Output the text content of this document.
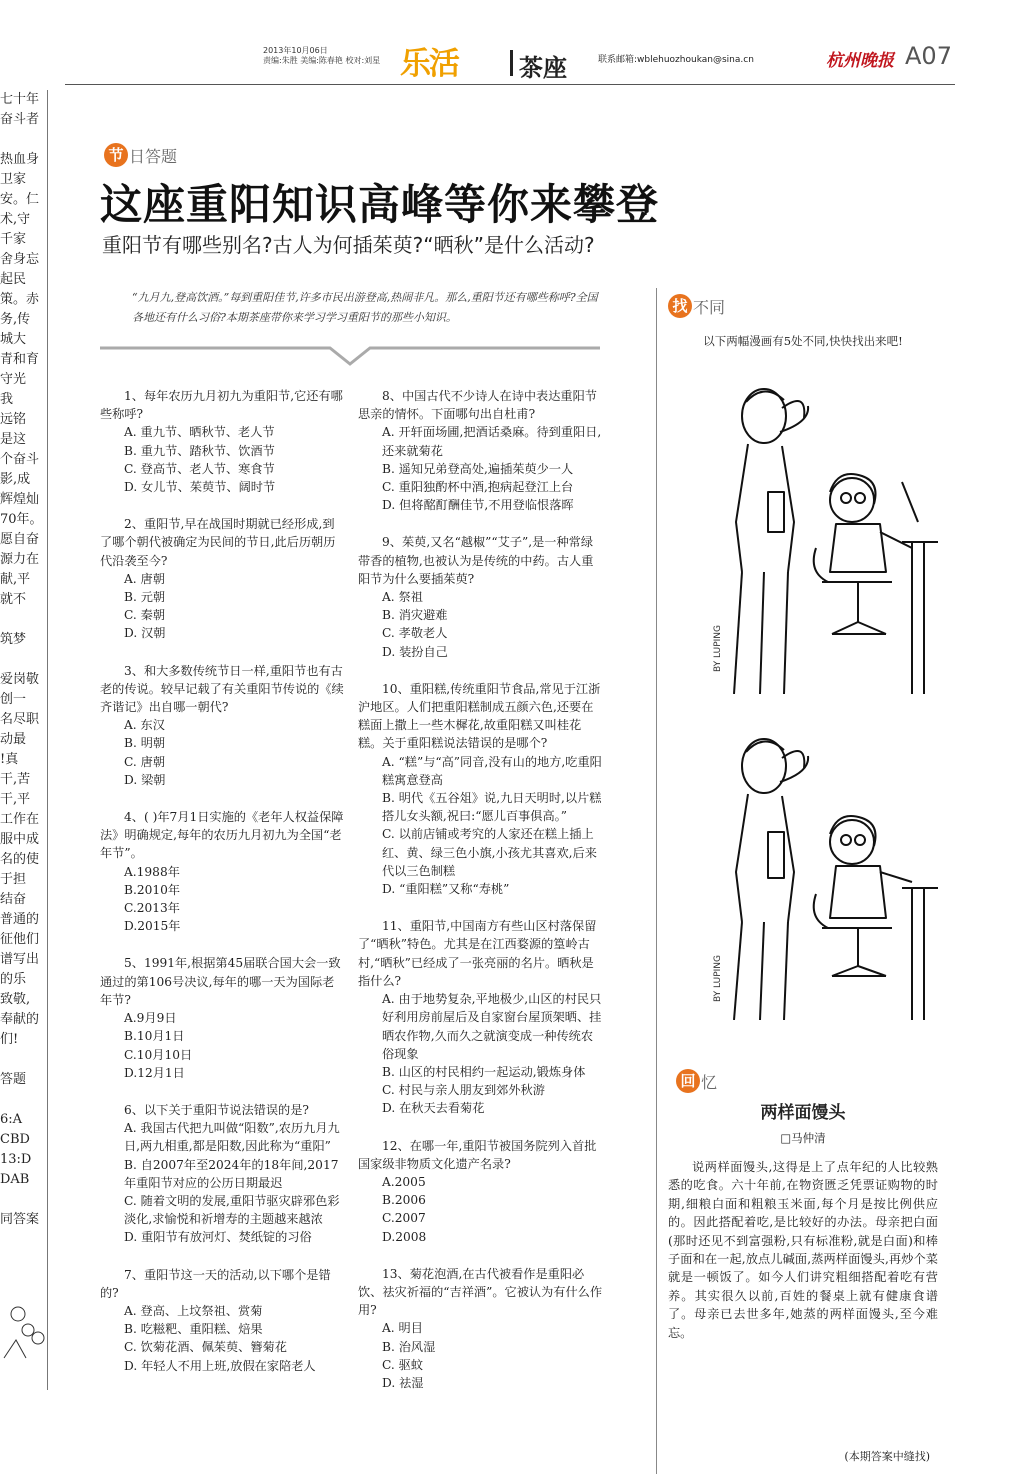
2013年10月06日
责编:朱胜 美编:陈春艳 校对:刘星 乐活	茶座	联系邮箱:wblehuozhoukan@sina.cn	杭州晚报 A07
七十年
奋斗者
热血身
卫家
安。仁
术,守
千家
舍身忘
起民
策。赤
务,传
城大
青和育
守光
我
远铭
是这
个奋斗
影,成
辉煌灿
70年。
愿自奋
源力在
献,平
就不
筑梦
爱岗敬
创一
名尽职
动最
!真
干,苦
干,平
工作在
服中成
名的使
于担
结奋
普通的
征他们
谱写出
的乐
致敬,
奉献的
们!
答题
6:A
CBD
13:D
DAB
同答案
节 日答题
这座重阳知识高峰等你来攀登
重阳节有哪些别名?古人为何插茱萸?“晒秋”是什么活动?

“九月九,登高饮酒。”每到重阳佳节,许多市民出游登高,热闹非凡。那么,重阳节还有哪些称呼?全国各地还有什么习俗?本期茶座带你来学习学习重阳节的那些小知识。

1、每年农历九月初九为重阳节,它还有哪些称呼?
A. 重九节、晒秋节、老人节
B. 重九节、踏秋节、饮酒节
C. 登高节、老人节、寒食节
D. 女儿节、茱萸节、阔时节
2、重阳节,早在战国时期就已经形成,到了哪个朝代被确定为民间的节日,此后历朝历代沿袭至今?
A. 唐朝
B. 元朝
C. 秦朝
D. 汉朝
3、和大多数传统节日一样,重阳节也有古老的传说。较早记载了有关重阳节传说的《续齐谐记》出自哪一朝代?
A. 东汉
B. 明朝
C. 唐朝
D. 梁朝
4、( )年7月1日实施的《老年人权益保障法》明确规定,每年的农历九月初九为全国“老年节”。
A.1988年
B.2010年
C.2013年
D.2015年
5、1991年,根据第45届联合国大会一致通过的第106号决议,每年的哪一天为国际老年节?
A.9月9日
B.10月1日
C.10月10日
D.12月1日
6、以下关于重阳节说法错误的是?
A. 我国古代把九叫做“阳数”,农历九月九日,两九相重,都是阳数,因此称为“重阳”
B. 自2007年至2024年的18年间,2017年重阳节对应的公历日期最迟
C. 随着文明的发展,重阳节驱灾辟邪色彩淡化,求愉悦和祈增寿的主题越来越浓
D. 重阳节有放河灯、焚纸锭的习俗
7、重阳节这一天的活动,以下哪个是错的?
A. 登高、上坟祭祖、赏菊
B. 吃糍粑、重阳糕、焙果
C. 饮菊花酒、佩茱萸、簪菊花
D. 年轻人不用上班,放假在家陪老人
8、中国古代不少诗人在诗中表达重阳节思亲的情怀。下面哪句出自杜甫?
A. 开轩面场圃,把酒话桑麻。待到重阳日,还来就菊花
B. 遥知兄弟登高处,遍插茱萸少一人
C. 重阳独酌杯中酒,抱病起登江上台
D. 但将酩酊酬佳节,不用登临恨落晖
9、茱萸,又名“越椒”“艾子”,是一种常绿带香的植物,也被认为是传统的中药。古人重阳节为什么要插茱萸?
A. 祭祖
B. 消灾避难
C. 孝敬老人
D. 装扮自己
10、重阳糕,传统重阳节食品,常见于江浙沪地区。人们把重阳糕制成五颜六色,还要在糕面上撒上一些木樨花,故重阳糕又叫桂花糕。关于重阳糕说法错误的是哪个?
A. “糕”与“高”同音,没有山的地方,吃重阳糕寓意登高
B. 明代《五谷俎》说,九日天明时,以片糕搭儿女头额,祝曰:“愿儿百事俱高。”
C. 以前店铺或考究的人家还在糕上插上红、黄、绿三色小旗,小孩尤其喜欢,后来代以三色制糕
D. “重阳糕”又称“寿桃”
11、重阳节,中国南方有些山区村落保留了“晒秋”特色。尤其是在江西婺源的篁岭古村,“晒秋”已经成了一张亮丽的名片。晒秋是指什么?
A. 由于地势复杂,平地极少,山区的村民只好利用房前屋后及自家窗台屋顶架晒、挂晒农作物,久而久之就演变成一种传统农俗现象
B. 山区的村民相约一起运动,锻炼身体
C. 村民与亲人朋友到郊外秋游
D. 在秋天去看菊花
12、在哪一年,重阳节被国务院列入首批国家级非物质文化遗产名录?
A.2005
B.2006
C.2007
D.2008
13、菊花泡酒,在古代被看作是重阳必饮、祛灾祈福的“吉祥酒”。它被认为有什么作用?
A. 明目
B. 治风湿
C. 驱蚊
D. 祛湿
找 不同
以下两幅漫画有5处不同,快快找出来吧!
BY LUPING
BY LUPING
回 忆
两样面馒头
□马仲清

说两样面馒头,这得是上了点年纪的人比较熟悉的吃食。六十年前,在物资匮乏凭票证购物的时期,细粮白面和粗粮玉米面,每个月是按比例供应的。因此搭配着吃,是比较好的办法。母亲把白面(那时还见不到富强粉,只有标准粉,就是白面)和棒子面和在一起,放点儿碱面,蒸两样面馒头,再炒个菜就是一顿饭了。如今人们讲究粗细搭配着吃有营养。其实很久以前,百姓的餐桌上就有健康食谱了。母亲已去世多年,她蒸的两样面馒头,至今难忘。

(本期答案中缝找)
